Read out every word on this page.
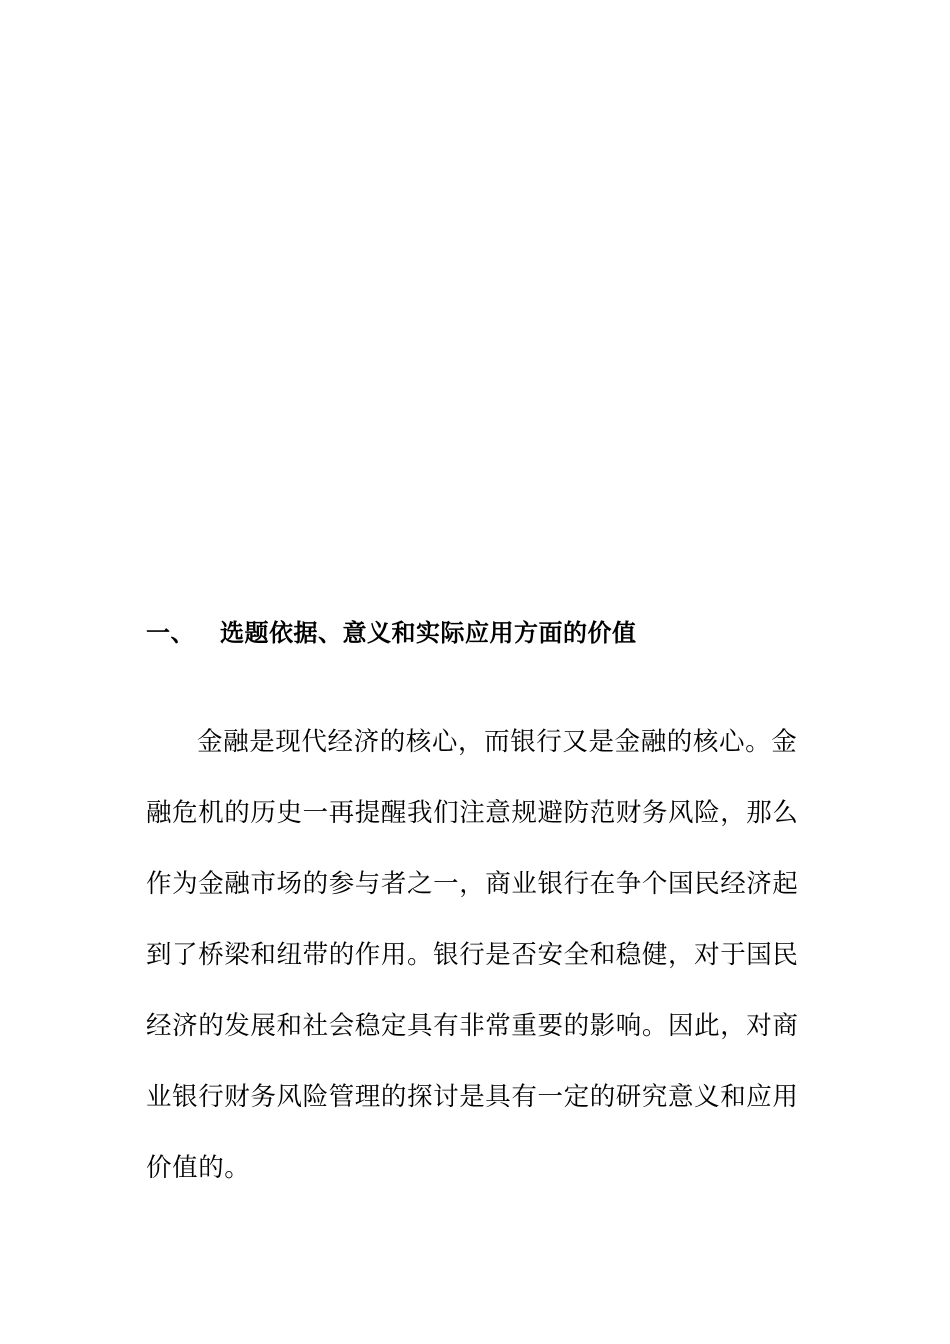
一、	选题依据、意义和实际应用方面的价值
金融是现代经济的核心，而银行又是金融的核心。金
融危机的历史一再提醒我们注意规避防范财务风险，那么
作为金融市场的参与者之一，商业银行在争个国民经济起
到了桥梁和纽带的作用。银行是否安全和稳健，对于国民
经济的发展和社会稳定具有非常重要的影响。因此，对商
业银行财务风险管理的探讨是具有一定的研究意义和应用
价值的。
